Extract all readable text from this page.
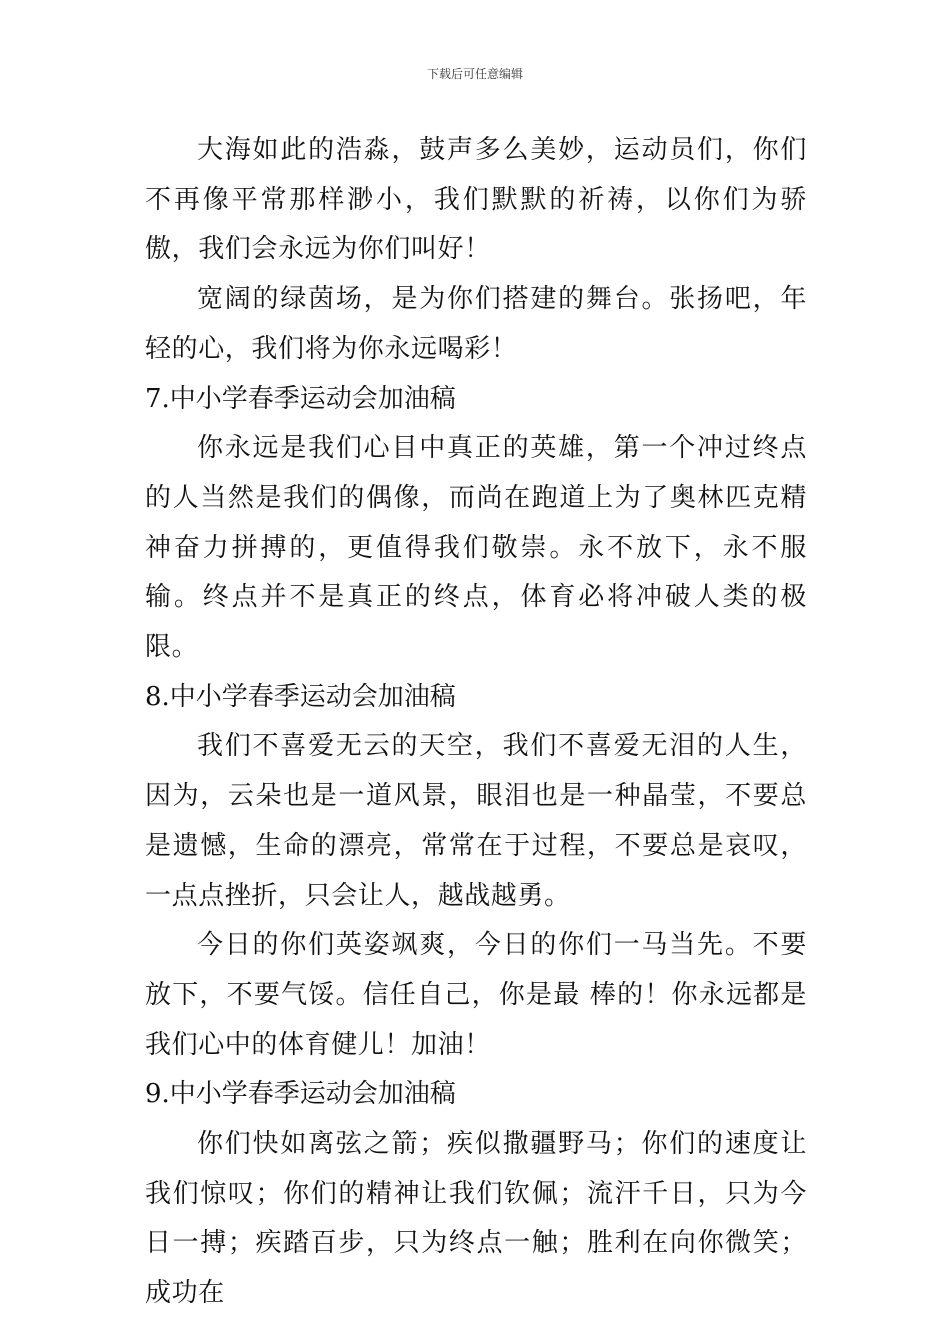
下载后可任意编辑

大海如此的浩淼，鼓声多么美妙，运动员们，你们不再像平常那样渺小，我们默默的祈祷，以你们为骄傲，我们会永远为你们叫好！

宽阔的绿茵场，是为你们搭建的舞台。张扬吧，年轻的心，我们将为你永远喝彩！

7.中小学春季运动会加油稿

你永远是我们心目中真正的英雄，第一个冲过终点的人当然是我们的偶像，而尚在跑道上为了奥林匹克精神奋力拼搏的，更值得我们敬崇。永不放下，永不服输。终点并不是真正的终点，体育必将冲破人类的极限。

8.中小学春季运动会加油稿

我们不喜爱无云的天空，我们不喜爱无泪的人生，因为，云朵也是一道风景，眼泪也是一种晶莹，不要总是遗憾，生命的漂亮，常常在于过程，不要总是哀叹，一点点挫折，只会让人，越战越勇。

今日的你们英姿飒爽，今日的你们一马当先。不要放下，不要气馁。信任自己，你是最 棒的！你永远都是我们心中的体育健儿！加油！

9.中小学春季运动会加油稿

你们快如离弦之箭；疾似撒疆野马；你们的速度让我们惊叹；你们的精神让我们钦佩；流汗千日，只为今日一搏；疾踏百步，只为终点一触；胜利在向你微笑；成功在
